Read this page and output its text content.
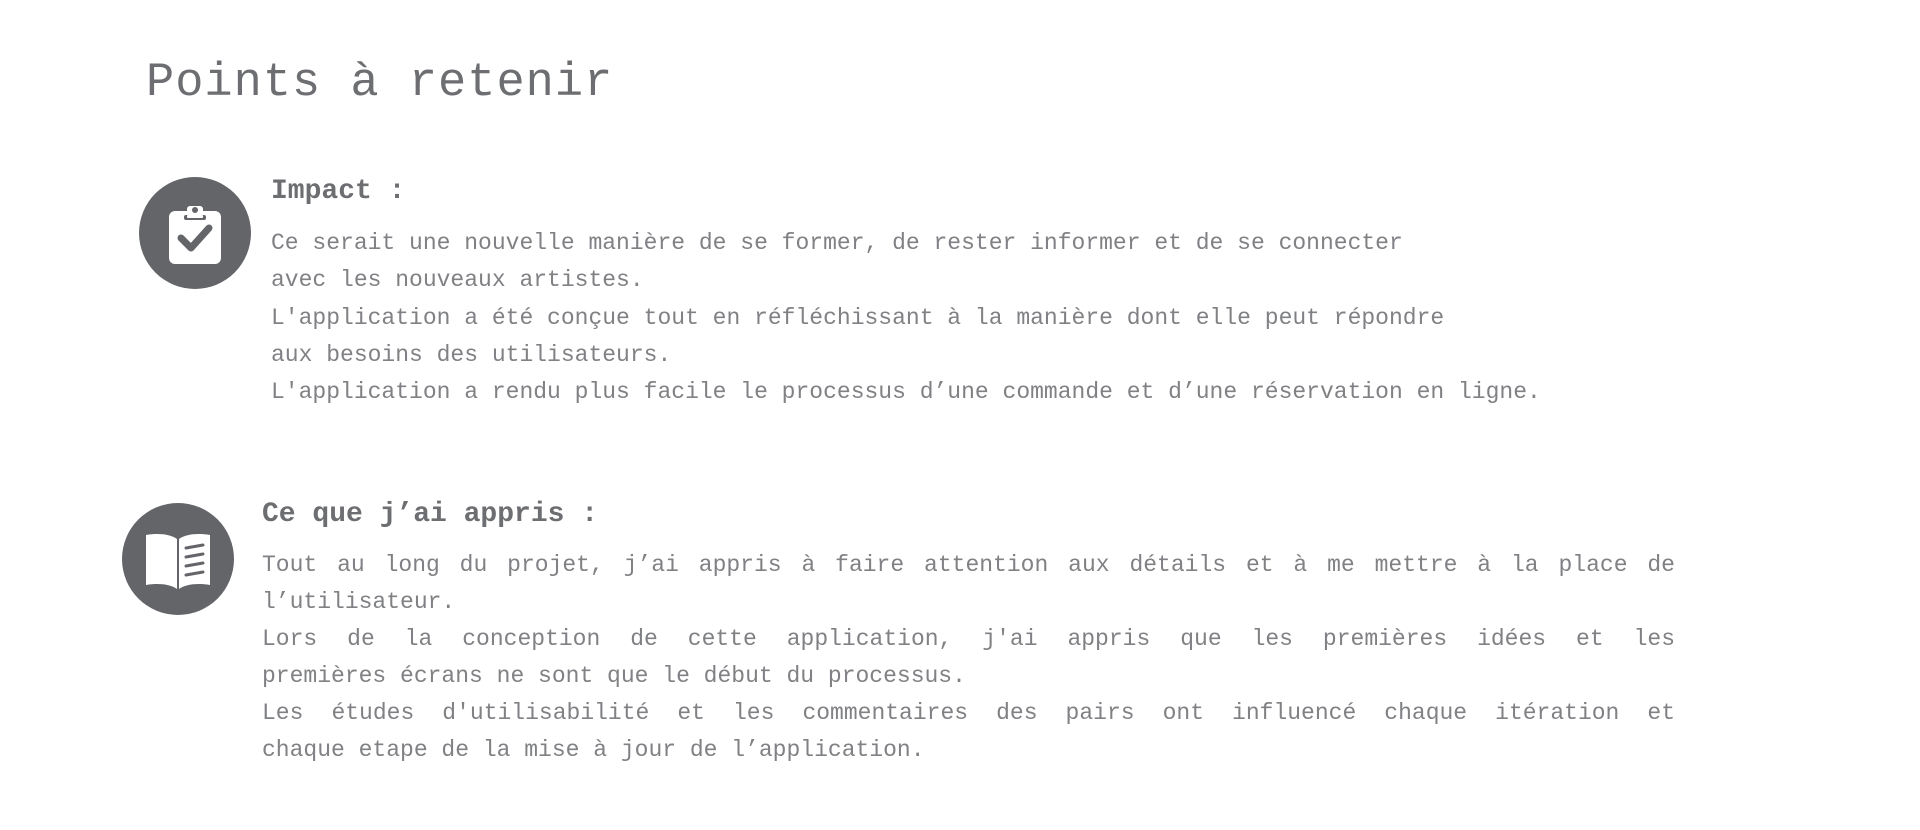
Points à retenir
Impact :

Ce serait une nouvelle manière de se former, de rester informer et de se connecter

avec les nouveaux artistes.

L'application a été conçue tout en réfléchissant à la manière dont elle peut répondre

aux besoins des utilisateurs.

L'application a rendu plus facile le processus d’une commande et d’une réservation en ligne.

Ce que j’ai appris :

Tout au long du projet, j’ai appris à faire attention aux détails et à me mettre à la place de

l’utilisateur.

Lors de la conception de cette application, j'ai appris que les premières idées et les

premières écrans ne sont que le début du processus.

Les études d'utilisabilité et les commentaires des pairs ont influencé chaque itération et

chaque etape de la mise à jour de l’application.
